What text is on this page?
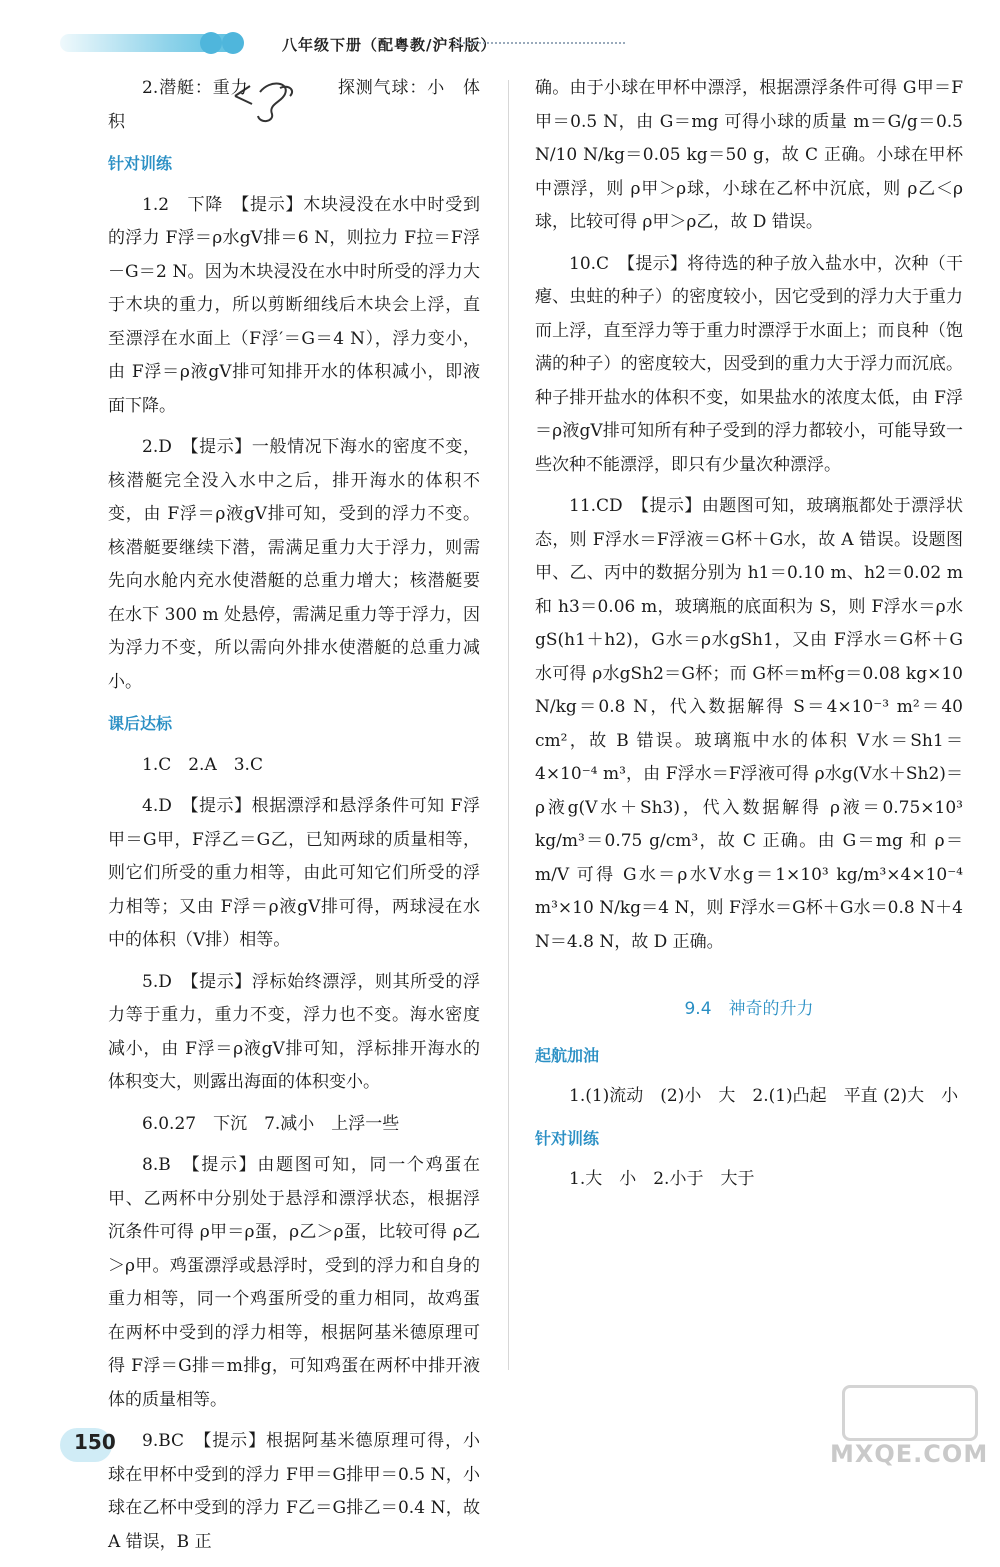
八年级下册（配粤教/沪科版）
2.潜艇：重力　　　　　探测气球：小　体积
针对训练
1.2　下降　【提示】木块浸没在水中时受到的浮力 F浮＝ρ水gV排＝6 N，则拉力 F拉＝F浮－G＝2 N。因为木块浸没在水中时所受的浮力大于木块的重力，所以剪断细线后木块会上浮，直至漂浮在水面上（F浮′＝G＝4 N），浮力变小，由 F浮＝ρ液gV排可知排开水的体积减小，即液面下降。
2.D　【提示】一般情况下海水的密度不变，核潜艇完全没入水中之后，排开海水的体积不变，由 F浮＝ρ液gV排可知，受到的浮力不变。核潜艇要继续下潜，需满足重力大于浮力，则需先向水舱内充水使潜艇的总重力增大；核潜艇要在水下 300 m 处悬停，需满足重力等于浮力，因为浮力不变，所以需向外排水使潜艇的总重力减小。
课后达标
1.C　2.A　3.C
4.D　【提示】根据漂浮和悬浮条件可知 F浮甲＝G甲，F浮乙＝G乙，已知两球的质量相等，则它们所受的重力相等，由此可知它们所受的浮力相等；又由 F浮＝ρ液gV排可得，两球浸在水中的体积（V排）相等。
5.D　【提示】浮标始终漂浮，则其所受的浮力等于重力，重力不变，浮力也不变。海水密度减小，由 F浮＝ρ液gV排可知，浮标排开海水的体积变大，则露出海面的体积变小。
6.0.27　下沉　7.减小　上浮一些
8.B　【提示】由题图可知，同一个鸡蛋在甲、乙两杯中分别处于悬浮和漂浮状态，根据浮沉条件可得 ρ甲＝ρ蛋，ρ乙＞ρ蛋，比较可得 ρ乙＞ρ甲。鸡蛋漂浮或悬浮时，受到的浮力和自身的重力相等，同一个鸡蛋所受的重力相同，故鸡蛋在两杯中受到的浮力相等，根据阿基米德原理可得 F浮＝G排＝m排g，可知鸡蛋在两杯中排开液体的质量相等。
9.BC　【提示】根据阿基米德原理可得，小球在甲杯中受到的浮力 F甲＝G排甲＝0.5 N，小球在乙杯中受到的浮力 F乙＝G排乙＝0.4 N，故 A 错误，B 正
确。由于小球在甲杯中漂浮，根据漂浮条件可得 G甲＝F甲＝0.5 N，由 G＝mg 可得小球的质量 m＝G/g＝0.5 N/10 N/kg＝0.05 kg＝50 g，故 C 正确。小球在甲杯中漂浮，则 ρ甲＞ρ球，小球在乙杯中沉底，则 ρ乙＜ρ球，比较可得 ρ甲＞ρ乙，故 D 错误。
10.C　【提示】将待选的种子放入盐水中，次种（干瘪、虫蛀的种子）的密度较小，因它受到的浮力大于重力而上浮，直至浮力等于重力时漂浮于水面上；而良种（饱满的种子）的密度较大，因受到的重力大于浮力而沉底。种子排开盐水的体积不变，如果盐水的浓度太低，由 F浮＝ρ液gV排可知所有种子受到的浮力都较小，可能导致一些次种不能漂浮，即只有少量次种漂浮。
11.CD　【提示】由题图可知，玻璃瓶都处于漂浮状态，则 F浮水＝F浮液＝G杯＋G水，故 A 错误。设题图甲、乙、丙中的数据分别为 h1＝0.10 m、h2＝0.02 m 和 h3＝0.06 m，玻璃瓶的底面积为 S，则 F浮水＝ρ水gS(h1＋h2)，G水＝ρ水gSh1，又由 F浮水＝G杯＋G水可得 ρ水gSh2＝G杯；而 G杯＝m杯g＝0.08 kg×10 N/kg＝0.8 N，代入数据解得 S＝4×10⁻³ m²＝40 cm²，故 B 错误。玻璃瓶中水的体积 V水＝Sh1＝4×10⁻⁴ m³，由 F浮水＝F浮液可得 ρ水g(V水＋Sh2)＝ρ液g(V水＋Sh3)，代入数据解得 ρ液＝0.75×10³ kg/m³＝0.75 g/cm³，故 C 正确。由 G＝mg 和 ρ＝m/V 可得 G水＝ρ水V水g＝1×10³ kg/m³×4×10⁻⁴ m³×10 N/kg＝4 N，则 F浮水＝G杯＋G水＝0.8 N＋4 N＝4.8 N，故 D 正确。
9.4　神奇的升力
起航加油
1.(1)流动　(2)小　大　2.(1)凸起　平直 (2)大　小
针对训练
1.大　小　2.小于　大于
150	MXQE.COM
